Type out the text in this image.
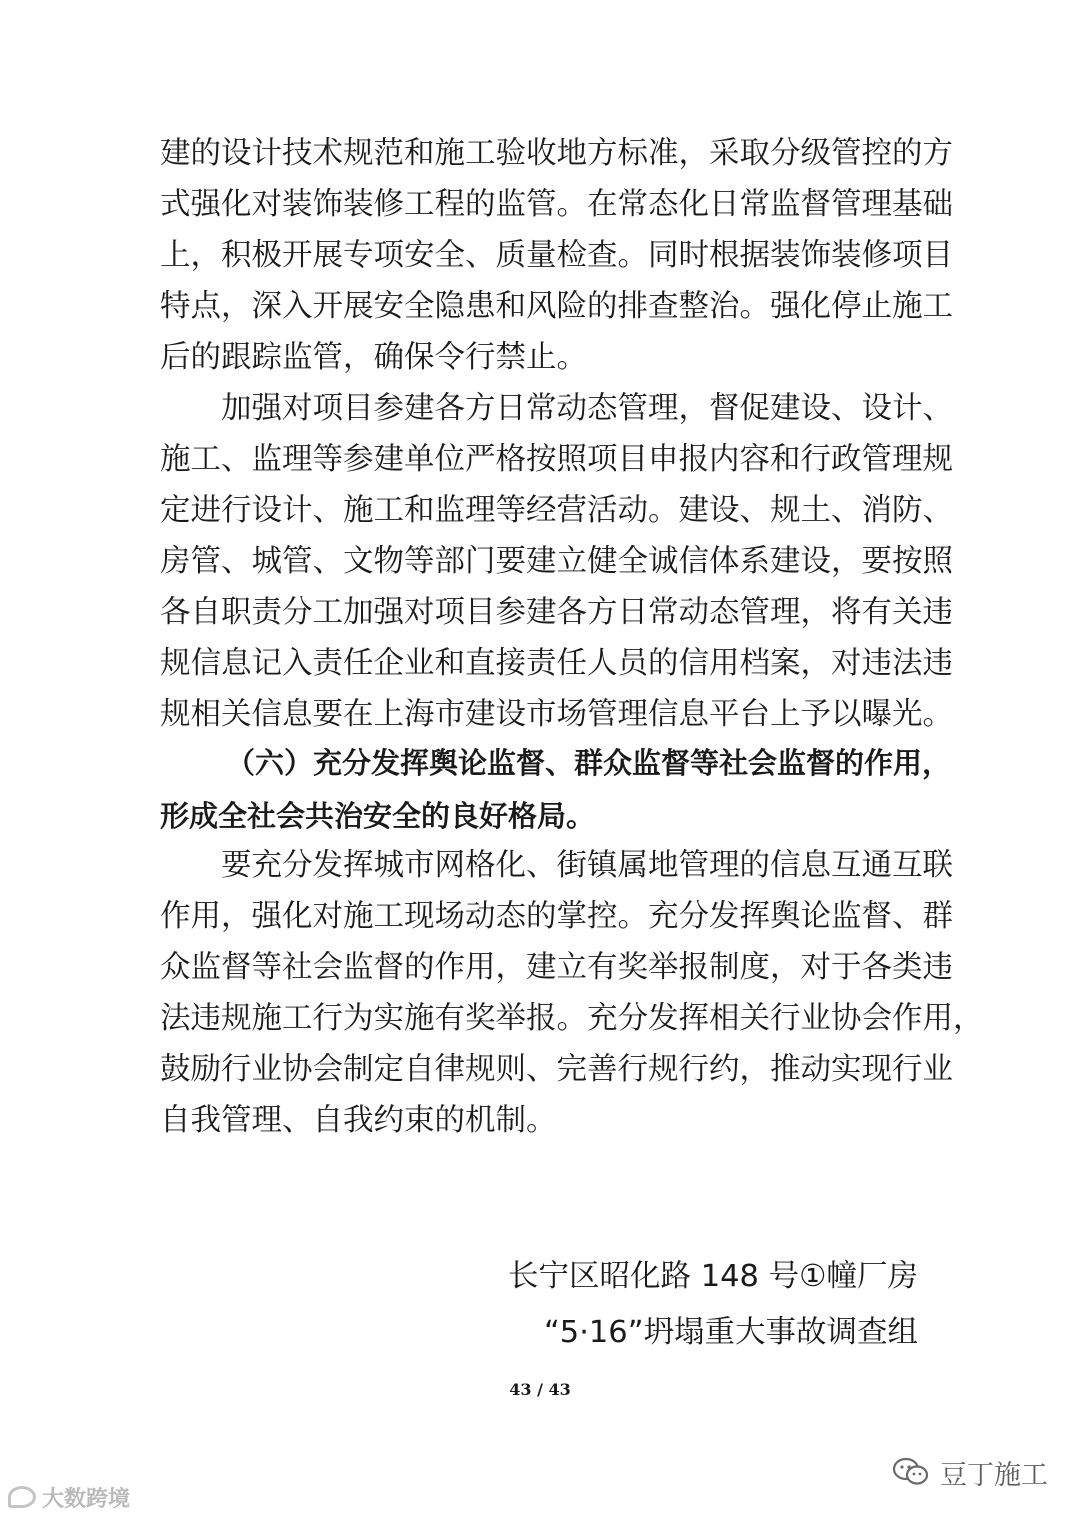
建的设计技术规范和施工验收地方标准，采取分级管控的方
式强化对装饰装修工程的监管。在常态化日常监督管理基础
上，积极开展专项安全、质量检查。同时根据装饰装修项目
特点，深入开展安全隐患和风险的排查整治。强化停止施工
后的跟踪监管，确保令行禁止。
加强对项目参建各方日常动态管理，督促建设、设计、
施工、监理等参建单位严格按照项目申报内容和行政管理规
定进行设计、施工和监理等经营活动。建设、规土、消防、
房管、城管、文物等部门要建立健全诚信体系建设，要按照
各自职责分工加强对项目参建各方日常动态管理，将有关违
规信息记入责任企业和直接责任人员的信用档案，对违法违
规相关信息要在上海市建设市场管理信息平台上予以曝光。
（六）充分发挥舆论监督、群众监督等社会监督的作用，
形成全社会共治安全的良好格局。
要充分发挥城市网格化、街镇属地管理的信息互通互联
作用，强化对施工现场动态的掌控。充分发挥舆论监督、群
众监督等社会监督的作用，建立有奖举报制度，对于各类违
法违规施工行为实施有奖举报。充分发挥相关行业协会作用，
鼓励行业协会制定自律规则、完善行规行约，推动实现行业
自我管理、自我约束的机制。
长宁区昭化路 148 号①幢厂房
“5·16”坍塌重大事故调查组
43 / 43
大数跨境
豆丁施工
